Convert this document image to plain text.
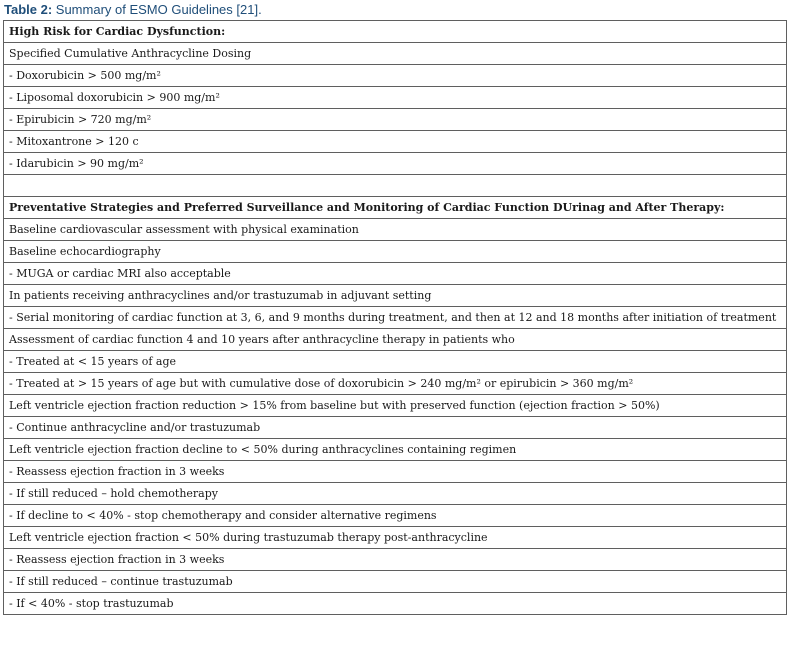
Table 2: Summary of ESMO Guidelines [21].
High Risk for Cardiac Dysfunction:
Specified Cumulative Anthracycline Dosing
- Doxorubicin > 500 mg/m²
- Liposomal doxorubicin > 900 mg/m²
- Epirubicin > 720 mg/m²
- Mitoxantrone > 120 c
- Idarubicin > 90 mg/m²

Preventative Strategies and Preferred Surveillance and Monitoring of Cardiac Function DUrinag and After Therapy:
Baseline cardiovascular assessment with physical examination
Baseline echocardiography
- MUGA or cardiac MRI also acceptable
In patients receiving anthracyclines and/or trastuzumab in adjuvant setting
- Serial monitoring of cardiac function at 3, 6, and 9 months during treatment, and then at 12 and 18 months after initiation of treatment
Assessment of cardiac function 4 and 10 years after anthracycline therapy in patients who
- Treated at < 15 years of age
- Treated at > 15 years of age but with cumulative dose of doxorubicin > 240 mg/m² or epirubicin > 360 mg/m²
Left ventricle ejection fraction reduction > 15% from baseline but with preserved function (ejection fraction > 50%)
- Continue anthracycline and/or trastuzumab
Left ventricle ejection fraction decline to < 50% during anthracyclines containing regimen
- Reassess ejection fraction in 3 weeks
- If still reduced – hold chemotherapy
- If decline to < 40% - stop chemotherapy and consider alternative regimens
Left ventricle ejection fraction < 50% during trastuzumab therapy post-anthracycline
- Reassess ejection fraction in 3 weeks
- If still reduced – continue trastuzumab
- If < 40% - stop trastuzumab
